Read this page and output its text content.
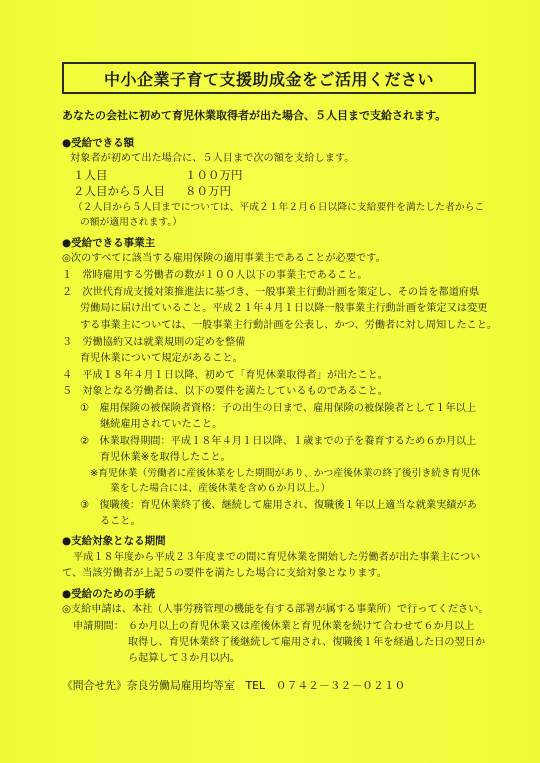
中小企業子育て支援助成金をご活用ください
あなたの会社に初めて育児休業取得者が出た場合、５人目まで支給されます。
●受給できる額
対象者が初めて出た場合に、５人目まで次の額を支給します。
１人目	１００万円
２人目から５人目 ８０万円
（２人目から５人目までについては、平成２１年２月６日以降に支給要件を満たした者からこ
の額が適用されます。）
●受給できる事業主
◎次のすべてに該当する雇用保険の適用事業主であることが必要です。
１　常時雇用する労働者の数が１００人以下の事業主であること。
２　次世代育成支援対策推進法に基づき、一般事業主行動計画を策定し、その旨を都道府県
労働局に届け出ていること。平成２１年４月１日以降一般事業主行動計画を策定又は変更
する事業主については、一般事業主行動計画を公表し、かつ、労働者に対し周知したこと。
３　労働協約又は就業規則の定めを整備
育児休業について規定があること。
４　平成１８年４月１日以降、初めて「育児休業取得者」が出たこと。
５　対象となる労働者は、以下の要件を満たしているものであること。
①　雇用保険の被保険者資格：子の出生の日まで、雇用保険の被保険者として１年以上
継続雇用されていたこと。
②　休業取得期間：平成１８年４月１日以降、１歳までの子を養育するため６か月以上
育児休業※を取得したこと。
※育児休業（労働者に産後休業をした期間があり、かつ産後休業の終了後引き続き育児休
業をした場合には、産後休業を含め６か月以上。）
③　復職後：育児休業終了後、継続して雇用され、復職後１年以上適当な就業実績があ
ること。
●支給対象となる期間
平成１８年度から平成２３年度までの間に育児休業を開始した労働者が出た事業主につい
て、当該労働者が上記５の要件を満たした場合に支給対象となります。
●受給のための手続
◎支給申請は、本社（人事労務管理の機能を有する部署が属する事業所）で行ってください。
申請期間： ６か月以上の育児休業又は産後休業と育児休業を続けて合わせて６か月以上
取得し、育児休業終了後継続して雇用され、復職後１年を経過した日の翌日か
ら起算して３か月以内。
《問合せ先》奈良労働局雇用均等室　TEL　０７４２－３２－０２１０
